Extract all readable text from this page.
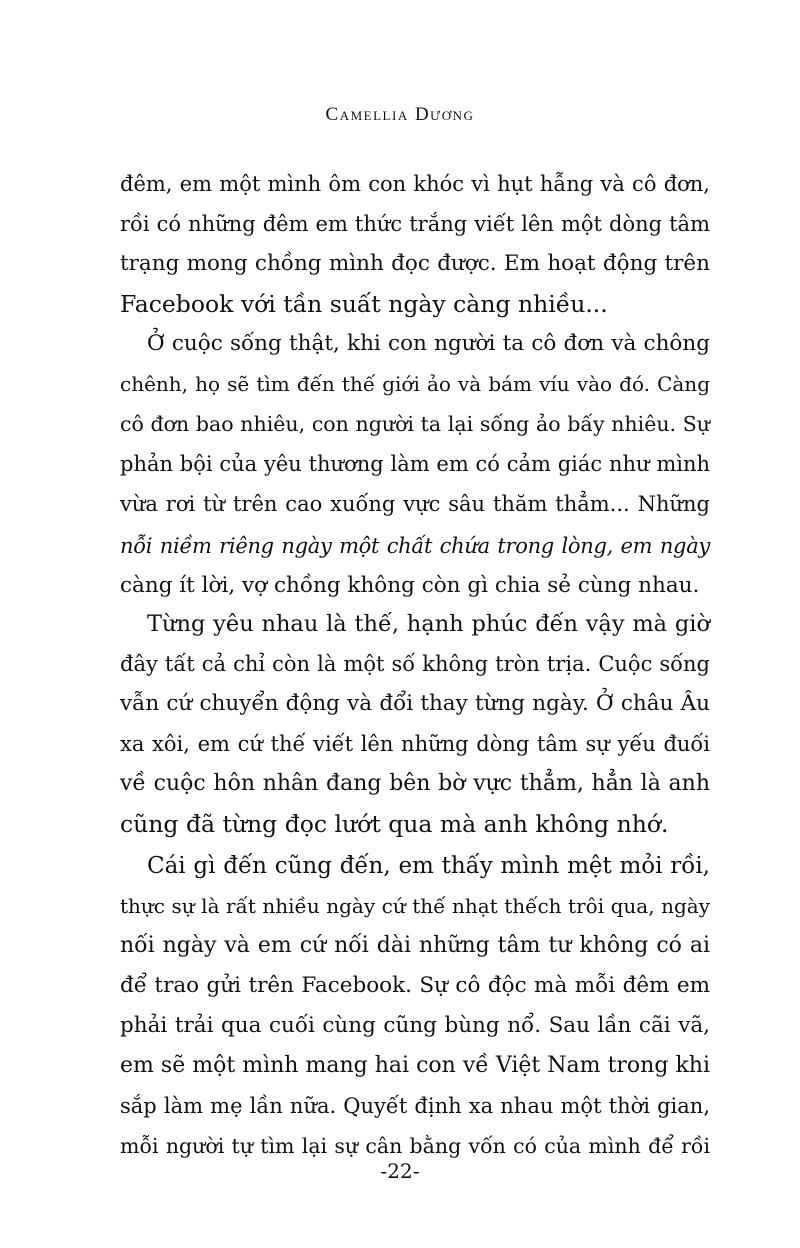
Camellia Dương
đêm, em một mình ôm con khóc vì hụt hẫng và cô đơn,
rồi có những đêm em thức trắng viết lên một dòng tâm
trạng mong chồng mình đọc được. Em hoạt động trên
Facebook với tần suất ngày càng nhiều...
Ở cuộc sống thật, khi con người ta cô đơn và chông
chênh, họ sẽ tìm đến thế giới ảo và bám víu vào đó. Càng
cô đơn bao nhiêu, con người ta lại sống ảo bấy nhiêu. Sự
phản bội của yêu thương làm em có cảm giác như mình
vừa rơi từ trên cao xuống vực sâu thăm thẳm... Những
nỗi niềm riêng ngày một chất chứa trong lòng, em ngày
càng ít lời, vợ chồng không còn gì chia sẻ cùng nhau.
Từng yêu nhau là thế, hạnh phúc đến vậy mà giờ
đây tất cả chỉ còn là một số không tròn trịa. Cuộc sống
vẫn cứ chuyển động và đổi thay từng ngày. Ở châu Âu
xa xôi, em cứ thế viết lên những dòng tâm sự yếu đuối
về cuộc hôn nhân đang bên bờ vực thẳm, hẳn là anh
cũng đã từng đọc lướt qua mà anh không nhớ.
Cái gì đến cũng đến, em thấy mình mệt mỏi rồi,
thực sự là rất nhiều ngày cứ thế nhạt thếch trôi qua, ngày
nối ngày và em cứ nối dài những tâm tư không có ai
để trao gửi trên Facebook. Sự cô độc mà mỗi đêm em
phải trải qua cuối cùng cũng bùng nổ. Sau lần cãi vã,
em sẽ một mình mang hai con về Việt Nam trong khi
sắp làm mẹ lần nữa. Quyết định xa nhau một thời gian,
mỗi người tự tìm lại sự cân bằng vốn có của mình để rồi
-22-
